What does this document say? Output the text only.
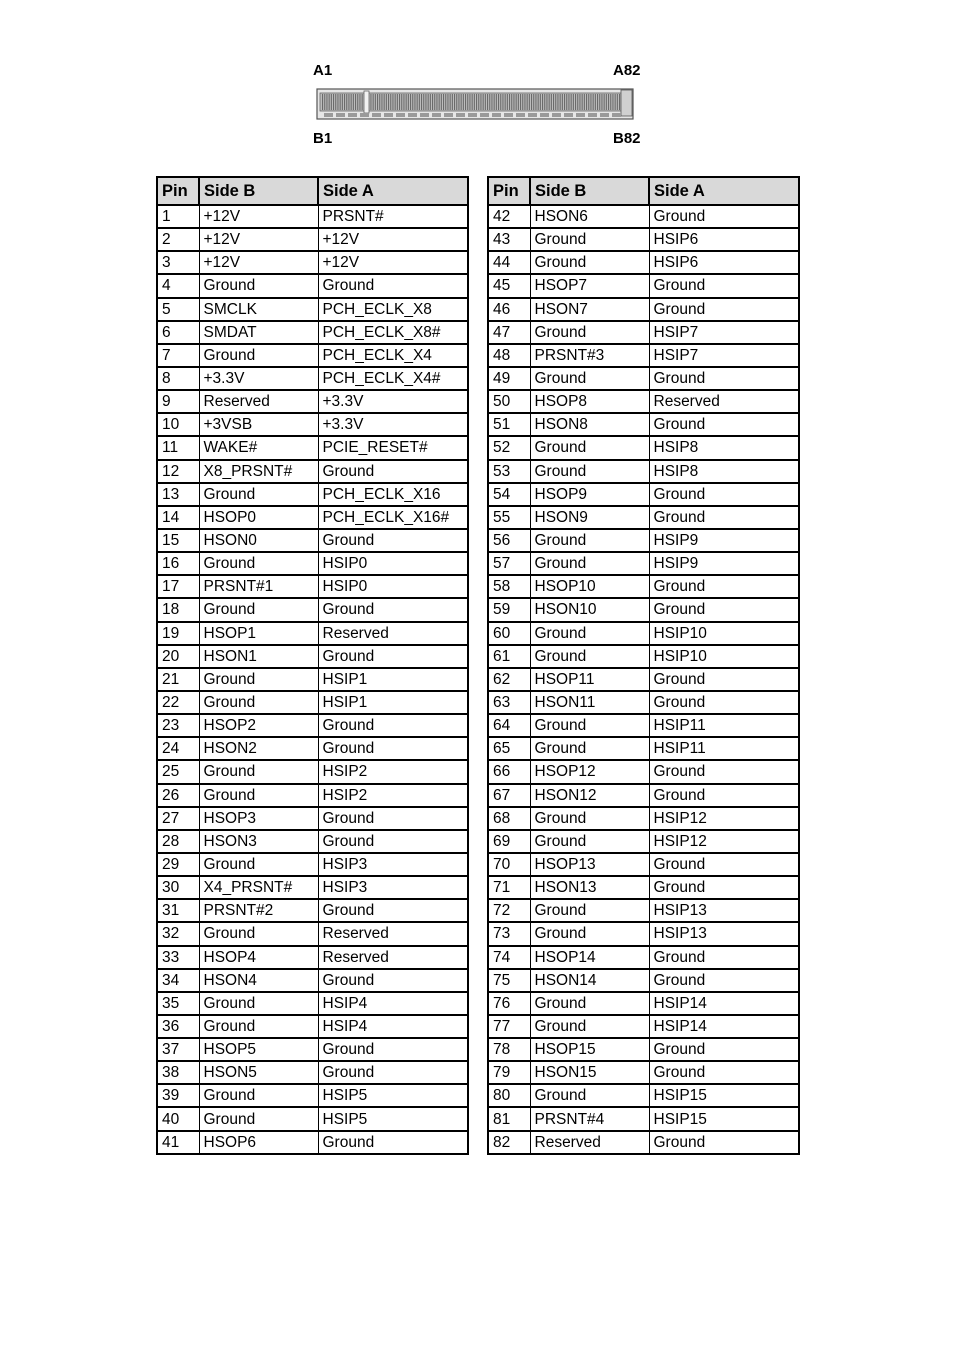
A1	A82
B1	B82
Pin	Side B	Side A
1	+12V	PRSNT#
2	+12V	+12V
3	+12V	+12V
4	Ground	Ground
5	SMCLK	PCH_ECLK_X8
6	SMDAT	PCH_ECLK_X8#
7	Ground	PCH_ECLK_X4
8	+3.3V	PCH_ECLK_X4#
9	Reserved	+3.3V
10	+3VSB	+3.3V
11	WAKE#	PCIE_RESET#
12	X8_PRSNT#	Ground
13	Ground	PCH_ECLK_X16
14	HSOP0	PCH_ECLK_X16#
15	HSON0	Ground
16	Ground	HSIP0
17	PRSNT#1	HSIP0
18	Ground	Ground
19	HSOP1	Reserved
20	HSON1	Ground
21	Ground	HSIP1
22	Ground	HSIP1
23	HSOP2	Ground
24	HSON2	Ground
25	Ground	HSIP2
26	Ground	HSIP2
27	HSOP3	Ground
28	HSON3	Ground
29	Ground	HSIP3
30	X4_PRSNT#	HSIP3
31	PRSNT#2	Ground
32	Ground	Reserved
33	HSOP4	Reserved
34	HSON4	Ground
35	Ground	HSIP4
36	Ground	HSIP4
37	HSOP5	Ground
38	HSON5	Ground
39	Ground	HSIP5
40	Ground	HSIP5
41	HSOP6	Ground
Pin	Side B	Side A
42	HSON6	Ground
43	Ground	HSIP6
44	Ground	HSIP6
45	HSOP7	Ground
46	HSON7	Ground
47	Ground	HSIP7
48	PRSNT#3	HSIP7
49	Ground	Ground
50	HSOP8	Reserved
51	HSON8	Ground
52	Ground	HSIP8
53	Ground	HSIP8
54	HSOP9	Ground
55	HSON9	Ground
56	Ground	HSIP9
57	Ground	HSIP9
58	HSOP10	Ground
59	HSON10	Ground
60	Ground	HSIP10
61	Ground	HSIP10
62	HSOP11	Ground
63	HSON11	Ground
64	Ground	HSIP11
65	Ground	HSIP11
66	HSOP12	Ground
67	HSON12	Ground
68	Ground	HSIP12
69	Ground	HSIP12
70	HSOP13	Ground
71	HSON13	Ground
72	Ground	HSIP13
73	Ground	HSIP13
74	HSOP14	Ground
75	HSON14	Ground
76	Ground	HSIP14
77	Ground	HSIP14
78	HSOP15	Ground
79	HSON15	Ground
80	Ground	HSIP15
81	PRSNT#4	HSIP15
82	Reserved	Ground
